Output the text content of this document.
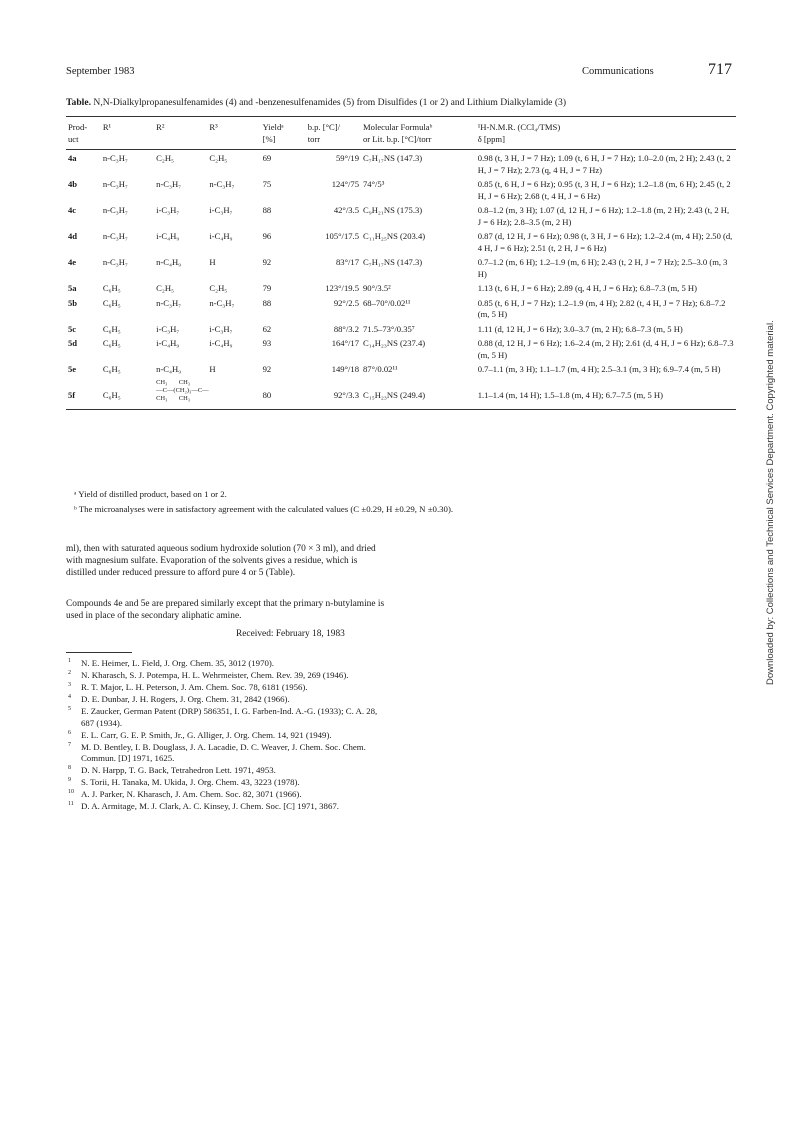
September 1983	Communications	717
Table. N,N-Dialkylpropanesulfenamides (4) and -benzenesulfenamides (5) from Disulfides (1 or 2) and Lithium Dialkylamide (3)
Prod-	R¹	R²	R³	Yieldᵃ	b.p. [°C]/	Molecular Formulaᵇ	¹H-N.M.R. (CCl₄/TMS)
uct				[%]	torr	or Lit. b.p. [°C]/torr	δ [ppm]
4a	n-C₃H₇	C₂H₅	C₂H₅	69	59°/19	C₇H₁₇NS (147.3)	0.98 (t, 3 H, J = 7 Hz); 1.09 (t, 6 H, J = 7 Hz); 1.0–2.0 (m, 2 H); 2.43 (t, 2 H, J = 7 Hz); 2.73 (q, 4 H, J = 7 Hz)
4b	n-C₃H₇	n-C₃H₇	n-C₃H₇	75	124°/75	74°/5³	0.85 (t, 6 H, J = 6 Hz); 0.95 (t, 3 H, J = 6 Hz); 1.2–1.8 (m, 6 H); 2.45 (t, 2 H, J = 6 Hz); 2.68 (t, 4 H, J = 6 Hz)
4c	n-C₃H₇	i-C₃H₇	i-C₃H₇	88	42°/3.5	C₉H₂₁NS (175.3)	0.8–1.2 (m, 3 H); 1.07 (d, 12 H, J = 6 Hz); 1.2–1.8 (m, 2 H); 2.43 (t, 2 H, J = 6 Hz); 2.8–3.5 (m, 2 H)
4d	n-C₃H₇	i-C₄H₉	i-C₄H₉	96	105°/17.5	C₁₁H₂₅NS (203.4)	0.87 (d, 12 H, J = 6 Hz); 0.98 (t, 3 H, J = 6 Hz); 1.2–2.4 (m, 4 H); 2.50 (d, 4 H, J = 6 Hz); 2.51 (t, 2 H, J = 6 Hz)
4e	n-C₃H₇	n-C₄H₉	H	92	83°/17	C₇H₁₇NS (147.3)	0.7–1.2 (m, 6 H); 1.2–1.9 (m, 6 H); 2.43 (t, 2 H, J = 7 Hz); 2.5–3.0 (m, 3 H)
5a	C₆H₅	C₂H₅	C₂H₅	79	123°/19.5	90°/3.5²	1.13 (t, 6 H, J = 6 Hz); 2.89 (q, 4 H, J = 6 Hz); 6.8–7.3 (m, 5 H)
5b	C₆H₅	n-C₃H₇	n-C₃H₇	88	92°/2.5	68–70°/0.02¹¹	0.85 (t, 6 H, J = 7 Hz); 1.2–1.9 (m, 4 H); 2.82 (t, 4 H, J = 7 Hz); 6.8–7.2 (m, 5 H)
5c	C₆H₅	i-C₃H₇	i-C₃H₇	62	88°/3.2	71.5–73°/0.35⁷	1.11 (d, 12 H, J = 6 Hz); 3.0–3.7 (m, 2 H); 6.8–7.3 (m, 5 H)
5d	C₆H₅	i-C₄H₉	i-C₄H₉	93	164°/17	C₁₄H₂₃NS (237.4)	0.88 (d, 12 H, J = 6 Hz); 1.6–2.4 (m, 2 H); 2.61 (d, 4 H, J = 6 Hz); 6.8–7.3 (m, 5 H)
5e	C₆H₅	n-C₄H₉	H	92	149°/18	87°/0.02¹¹	0.7–1.1 (m, 3 H); 1.1–1.7 (m, 4 H); 2.5–3.1 (m, 3 H); 6.9–7.4 (m, 5 H)
5f	C₆H₅	CH₃       CH₃
—C—(CH₂)₃—C—
CH₃       CH₃		80	92°/3.3	C₁₅H₂₃NS (249.4)	1.1–1.4 (m, 14 H); 1.5–1.8 (m, 4 H); 6.7–7.5 (m, 5 H)
ᵃ Yield of distilled product, based on 1 or 2.
ᵇ The microanalyses were in satisfactory agreement with the calculated values (C ±0.29, H ±0.29, N ±0.30).
ml), then with saturated aqueous sodium hydroxide solution (70 × 3 ml), and dried with magnesium sulfate. Evaporation of the solvents gives a residue, which is distilled under reduced pressure to afford pure 4 or 5 (Table).
Compounds 4e and 5e are prepared similarly except that the primary n-butylamine is used in place of the secondary aliphatic amine.
Received: February 18, 1983
1 N. E. Heimer, L. Field, J. Org. Chem. 35, 3012 (1970).
2 N. Kharasch, S. J. Potempa, H. L. Wehrmeister, Chem. Rev. 39, 269 (1946).
3 R. T. Major, L. H. Peterson, J. Am. Chem. Soc. 78, 6181 (1956).
4 D. E. Dunbar, J. H. Rogers, J. Org. Chem. 31, 2842 (1966).
5 E. Zaucker, German Patent (DRP) 586351, I. G. Farben-Ind. A.-G. (1933); C. A. 28, 687 (1934).
6 E. L. Carr, G. E. P. Smith, Jr., G. Alliger, J. Org. Chem. 14, 921 (1949).
7 M. D. Bentley, I. B. Douglass, J. A. Lacadie, D. C. Weaver, J. Chem. Soc. Chem. Commun. [D] 1971, 1625.
8 D. N. Harpp, T. G. Back, Tetrahedron Lett. 1971, 4953.
9 S. Torii, H. Tanaka, M. Ukida, J. Org. Chem. 43, 3223 (1978).
10 A. J. Parker, N. Kharasch, J. Am. Chem. Soc. 82, 3071 (1966).
11 D. A. Armitage, M. J. Clark, A. C. Kinsey, J. Chem. Soc. [C] 1971, 3867.
Downloaded by: Collections and Technical Services Department. Copyrighted material.
